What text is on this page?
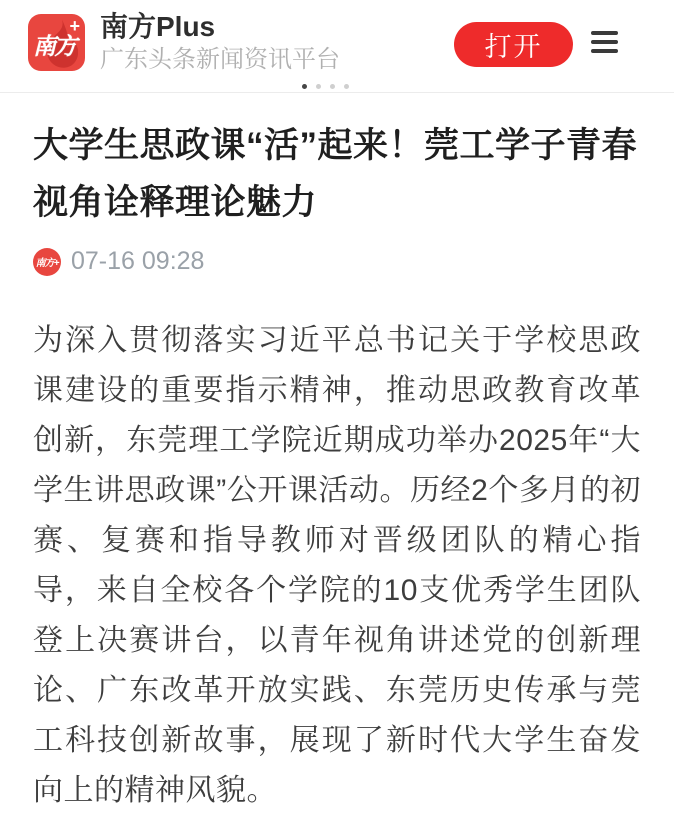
南方
+ 南方Plus
广东头条新闻资讯平台	打开
大学生思政课“活”起来！莞工学子青春视角诠释理论魅力
南方+ 07-16 09:28

为深入贯彻落实习近平总书记关于学校思政课建设的重要指示精神，推动思政教育改革创新，东莞理工学院近期成功举办2025年“大学生讲思政课”公开课活动。历经2个多月的初赛、复赛和指导教师对晋级团队的精心指导，来自全校各个学院的10支优秀学生团队登上决赛讲台，以青年视角讲述党的创新理论、广东改革开放实践、东莞历史传承与莞工科技创新故事，展现了新时代大学生奋发向上的精神风貌。
